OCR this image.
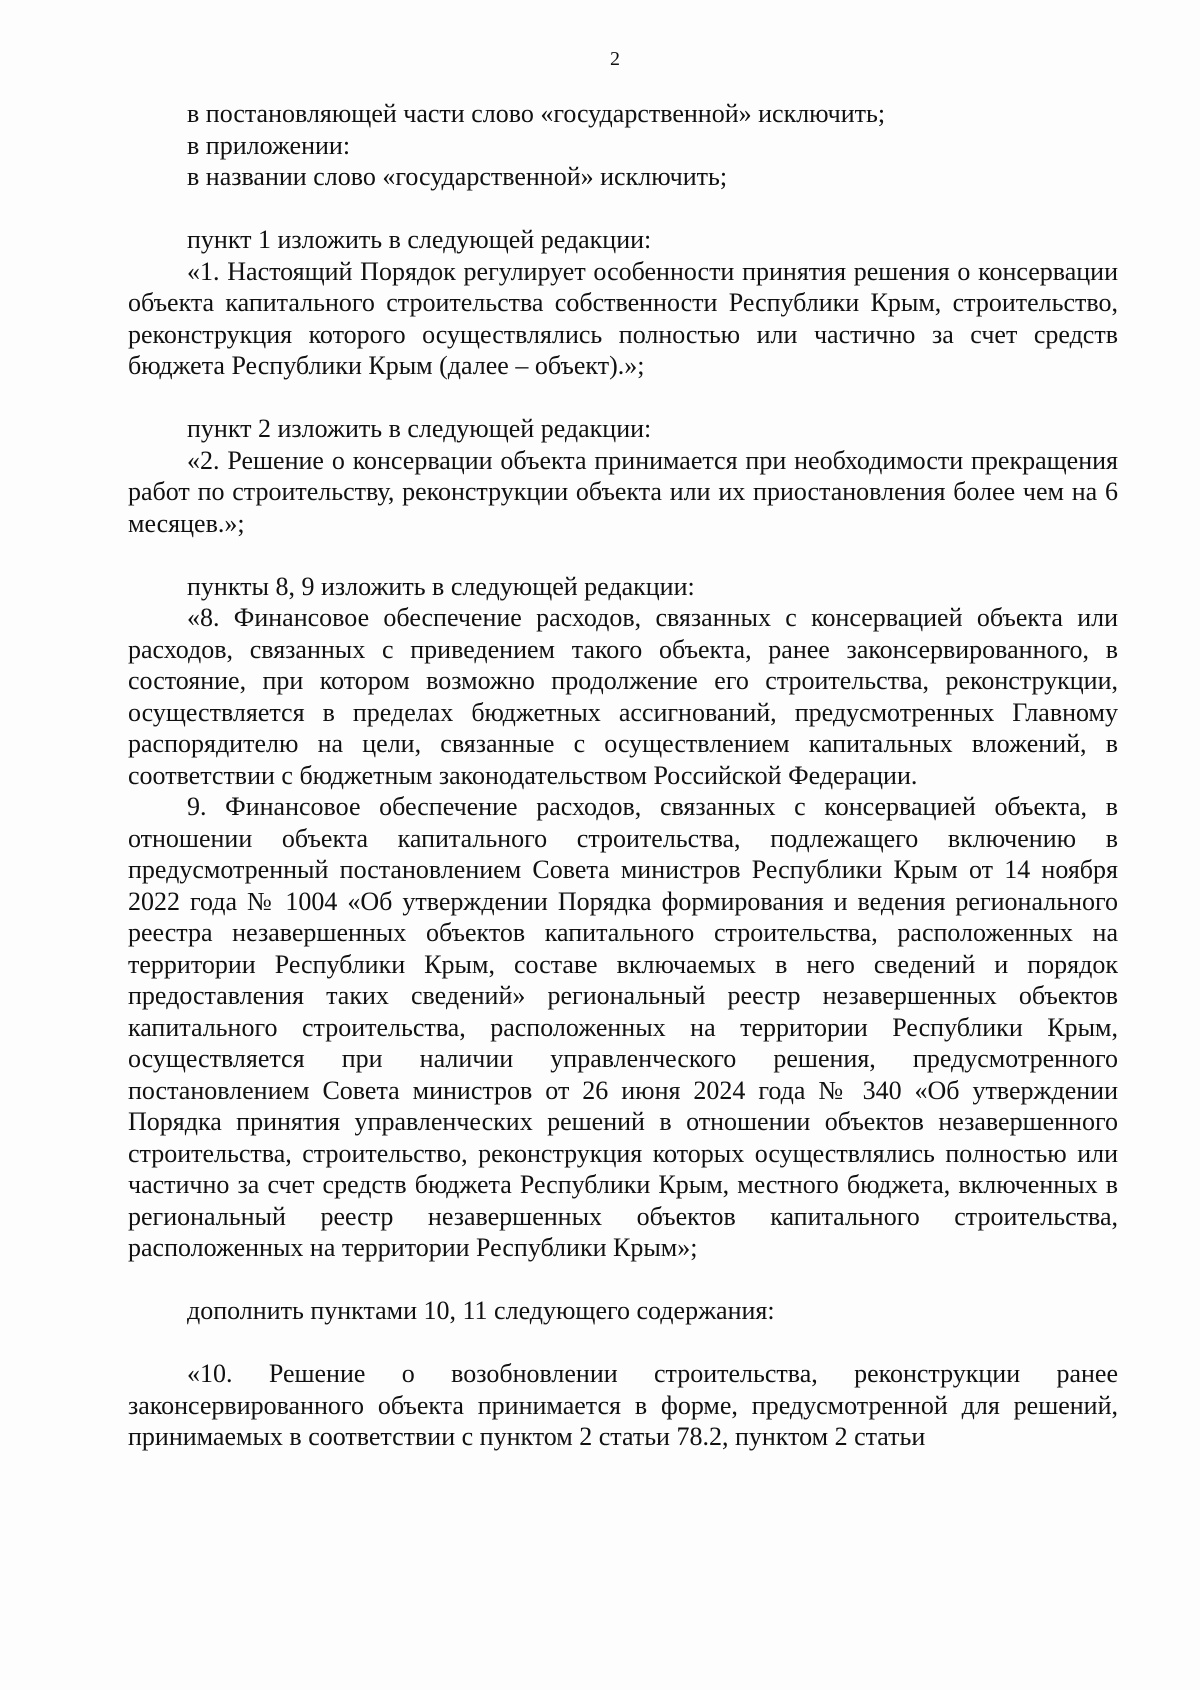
2

в постановляющей части слово «государственной» исключить;

в приложении:

в названии слово «государственной» исключить;

пункт 1 изложить в следующей редакции:

«1. Настоящий Порядок регулирует особенности принятия решения о консервации объекта капитального строительства собственности Республики Крым, строительство, реконструкция которого осуществлялись полностью или частично за счет средств бюджета Республики Крым (далее – объект).»;

пункт 2 изложить в следующей редакции:

«2. Решение о консервации объекта принимается при необходимости прекращения работ по строительству, реконструкции объекта или их приостановления более чем на 6 месяцев.»;

пункты 8, 9 изложить в следующей редакции:

«8. Финансовое обеспечение расходов, связанных с консервацией объекта или расходов, связанных с приведением такого объекта, ранее законсервированного, в состояние, при котором возможно продолжение его строительства, реконструкции, осуществляется в пределах бюджетных ассигнований, предусмотренных Главному распорядителю на цели, связанные с осуществлением капитальных вложений, в соответствии с бюджетным законодательством Российской Федерации.

9. Финансовое обеспечение расходов, связанных с консервацией объекта, в отношении объекта капитального строительства, подлежащего включению в предусмотренный постановлением Совета министров Республики Крым от 14 ноября 2022 года № 1004 «Об утверждении Порядка формирования и ведения регионального реестра незавершенных объектов капитального строительства, расположенных на территории Республики Крым, составе включаемых в него сведений и порядок предоставления таких сведений» региональный реестр незавершенных объектов капитального строительства, расположенных на территории Республики Крым, осуществляется при наличии управленческого решения, предусмотренного постановлением Совета министров от 26 июня 2024 года № 340 «Об утверждении Порядка принятия управленческих решений в отношении объектов незавершенного строительства, строительство, реконструкция которых осуществлялись полностью или частично за счет средств бюджета Республики Крым, местного бюджета, включенных в региональный реестр незавершенных объектов капитального строительства, расположенных на территории Республики Крым»;

дополнить пунктами 10, 11 следующего содержания:

«10. Решение о возобновлении строительства, реконструкции ранее законсервированного объекта принимается в форме, предусмотренной для решений, принимаемых в соответствии с пунктом 2 статьи 78.2, пунктом 2 статьи
